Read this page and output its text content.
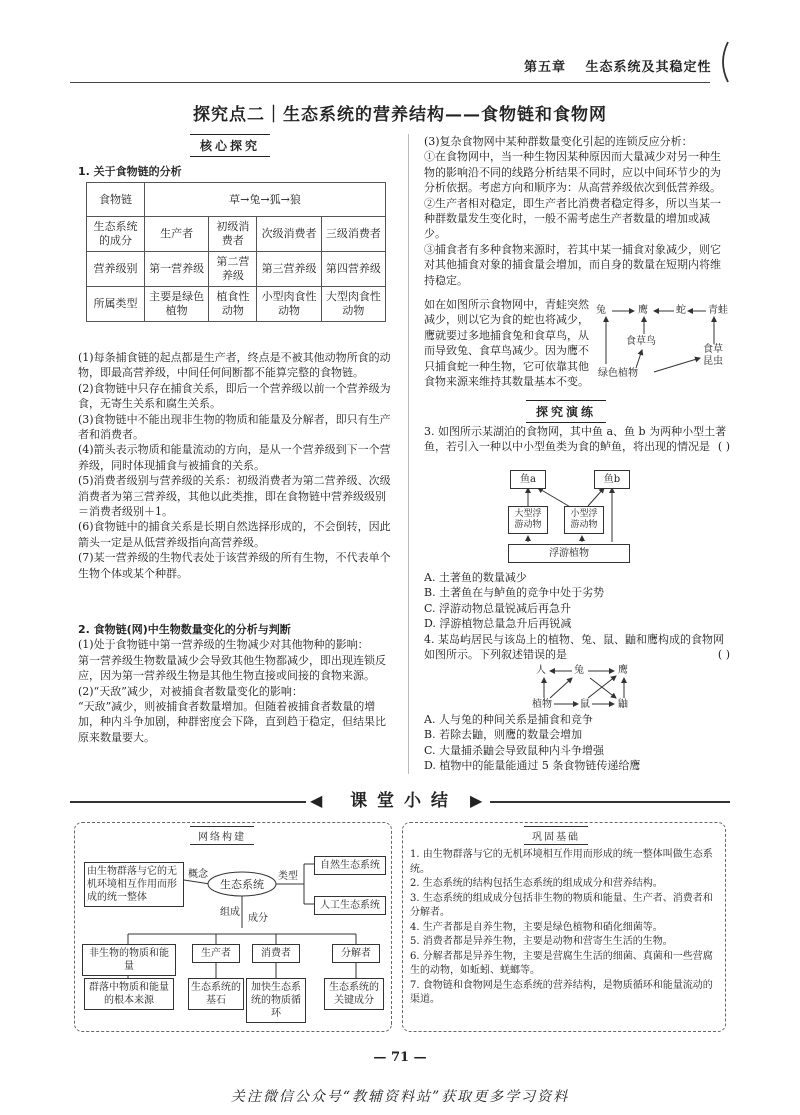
第五章 生态系统及其稳定性
探究点二｜生态系统的营养结构——食物链和食物网
核心探究
1. 关于食物链的分析
食物链	草→兔→狐→狼			
生态系统的成分	生产者	初级消费者	次级消费者	三级消费者
营养级别	第一营养级	第二营养级	第三营养级	第四营养级
所属类型	主要是绿色植物	植食性动物	小型肉食性动物	大型肉食性动物

(1)每条捕食链的起点都是生产者，终点是不被其他动物所食的动物，即最高营养级，中间任何间断都不能算完整的食物链。

(2)食物链中只存在捕食关系，即后一个营养级以前一个营养级为食，无寄生关系和腐生关系。

(3)食物链中不能出现非生物的物质和能量及分解者，即只有生产者和消费者。

(4)箭头表示物质和能量流动的方向，是从一个营养级到下一个营养级，同时体现捕食与被捕食的关系。

(5)消费者级别与营养级的关系：初级消费者为第二营养级、次级消费者为第三营养级，其他以此类推，即在食物链中营养级级别＝消费者级别＋1。

(6)食物链中的捕食关系是长期自然选择形成的，不会倒转，因此箭头一定是从低营养级指向高营养级。

(7)某一营养级的生物代表处于该营养级的所有生物，不代表单个生物个体或某个种群。

2. 食物链(网)中生物数量变化的分析与判断

(1)处于食物链中第一营养级的生物减少对其他物种的影响：

第一营养级生物数量减少会导致其他生物都减少，即出现连锁反应，因为第一营养级生物是其他生物直接或间接的食物来源。

(2)“天敌”减少，对被捕食者数量变化的影响：

“天敌”减少，则被捕食者数量增加。但随着被捕食者数量的增加，种内斗争加剧，种群密度会下降，直到趋于稳定，但结果比原来数量要大。

(3)复杂食物网中某种群数量变化引起的连锁反应分析：

①在食物网中，当一种生物因某种原因而大量减少对另一种生物的影响沿不同的线路分析结果不同时，应以中间环节少的为分析依据。考虑方向和顺序为：从高营养级依次到低营养级。

②生产者相对稳定，即生产者比消费者稳定得多，所以当某一种群数量发生变化时，一般不需考虑生产者数量的增加或减少。

③捕食者有多种食物来源时，若其中某一捕食对象减少，则它对其他捕食对象的捕食量会增加，而自身的数量在短期内将维持稳定。

如在如图所示食物网中，青蛙突然减少，则以它为食的蛇也将减少，鹰就要过多地捕食兔和食草鸟，从而导致兔、食草鸟减少。因为鹰不只捕食蛇一种生物，它可依靠其他食物来源来维持其数量基本不变。
兔	鹰	蛇 青蛙
食草鸟
绿色植物
食草昆虫
探究演练
3. 如图所示某湖泊的食物网，其中鱼 a、鱼 b 为两种小型土著鱼，若引入一种以中小型鱼类为食的鲈鱼，将出现的情况是 ( )
鱼a	鱼b
大型浮游动物
小型浮游动物
浮游植物

A. 土著鱼的数量减少

B. 土著鱼在与鲈鱼的竞争中处于劣势

C. 浮游动物总量锐减后再急升

D. 浮游植物总量急升后再锐减

4. 某岛屿居民与该岛上的植物、兔、鼠、鼬和鹰构成的食物网如图所示。下列叙述错误的是	( )
人	兔	鹰
植物	鼠	鼬

A. 人与兔的种间关系是捕食和竞争

B. 若除去鼬，则鹰的数量会增加

C. 大量捕杀鼬会导致鼠种内斗争增强

D. 植物中的能量能通过 5 条食物链传递给鹰

◀	课 堂 小 结	▶
网络构建
由生物群落与它的无机环境相互作用而形成的统一整体
概念
生态系统
类型
自然生态系统
人工生态系统
组成
成分
非生物的物质和能量
生产者	消费者	分解者
群落中物质和能量的根本来源
生态系统的基石
加快生态系统的物质循环
生态系统的关键成分
巩固基础

1. 由生物群落与它的无机环境相互作用而形成的统一整体叫做生态系统。

2. 生态系统的结构包括生态系统的组成成分和营养结构。

3. 生态系统的组成成分包括非生物的物质和能量、生产者、消费者和分解者。

4. 生产者都是自养生物，主要是绿色植物和硝化细菌等。

5. 消费者都是异养生物，主要是动物和营寄生生活的生物。

6. 分解者都是异养生物，主要是营腐生生活的细菌、真菌和一些营腐生的动物，如蚯蚓、蜣螂等。

7. 食物链和食物网是生态系统的营养结构，是物质循环和能量流动的渠道。

— 71 —
关注微信公众号“教辅资料站”获取更多学习资料
